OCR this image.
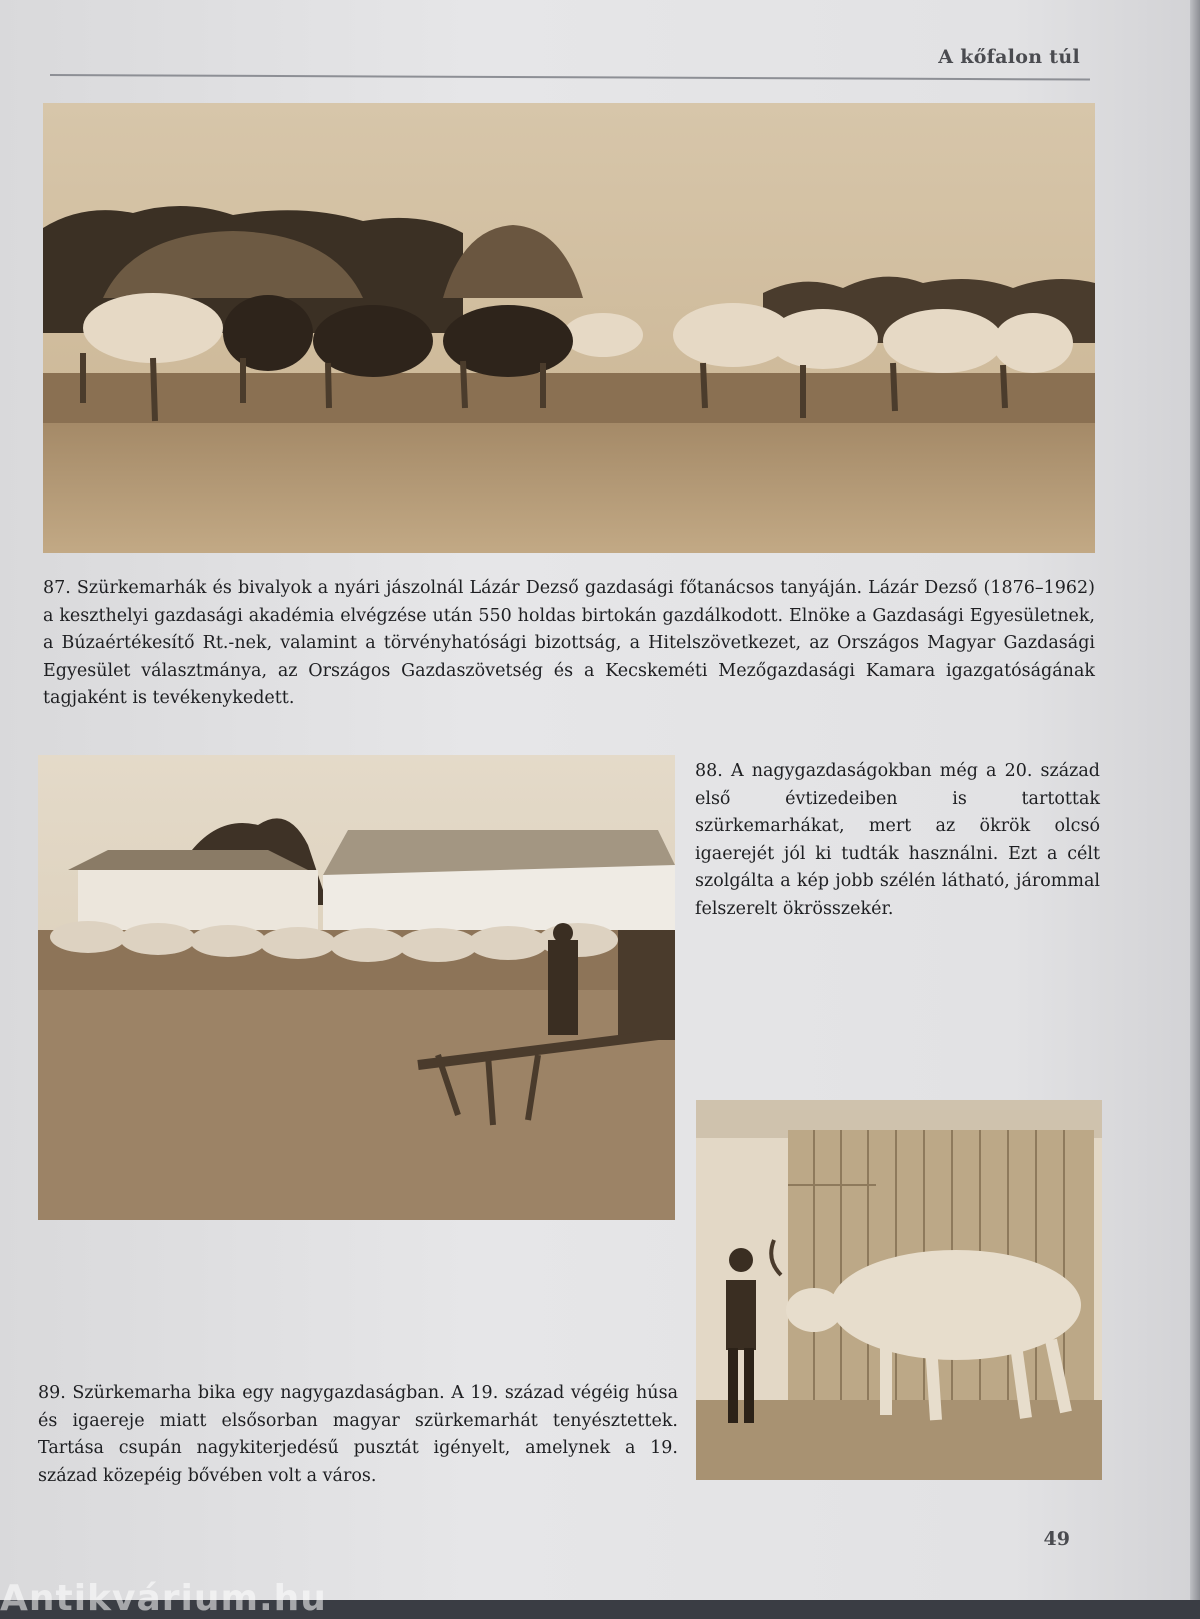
A kőfalon túl

87. Szürkemarhák és bivalyok a nyári jászolnál Lázár Dezső gazdasági főtanácsos tanyáján. Lázár Dezső (1876–1962) a keszthelyi gazdasági akadémia elvégzése után 550 holdas birtokán gazdálkodott. Elnöke a Gazdasági Egyesületnek, a Búzaértékesítő Rt.-nek, valamint a törvényhatósági bizottság, a Hitelszövetkezet, az Országos Magyar Gazdasági Egyesület választmánya, az Országos Gazdaszövetség és a Kecskeméti Mezőgazdasági Kamara igazgatóságának tagjaként is tevékenykedett.

88. A nagygazdaságokban még a 20. század első évtizedeiben is tartottak szürkemarhákat, mert az ökrök olcsó igaerejét jól ki tudták használni. Ezt a célt szolgálta a kép jobb szélén látható, járommal felszerelt ökrösszekér.

89. Szürkemarha bika egy nagygazdaságban. A 19. század végéig húsa és igaereje miatt elsősorban magyar szürkemarhát tenyésztettek. Tartása csupán nagykiterjedésű pusztát igényelt, amelynek a 19. század közepéig bővében volt a város.

49
Antikvárium.hu
